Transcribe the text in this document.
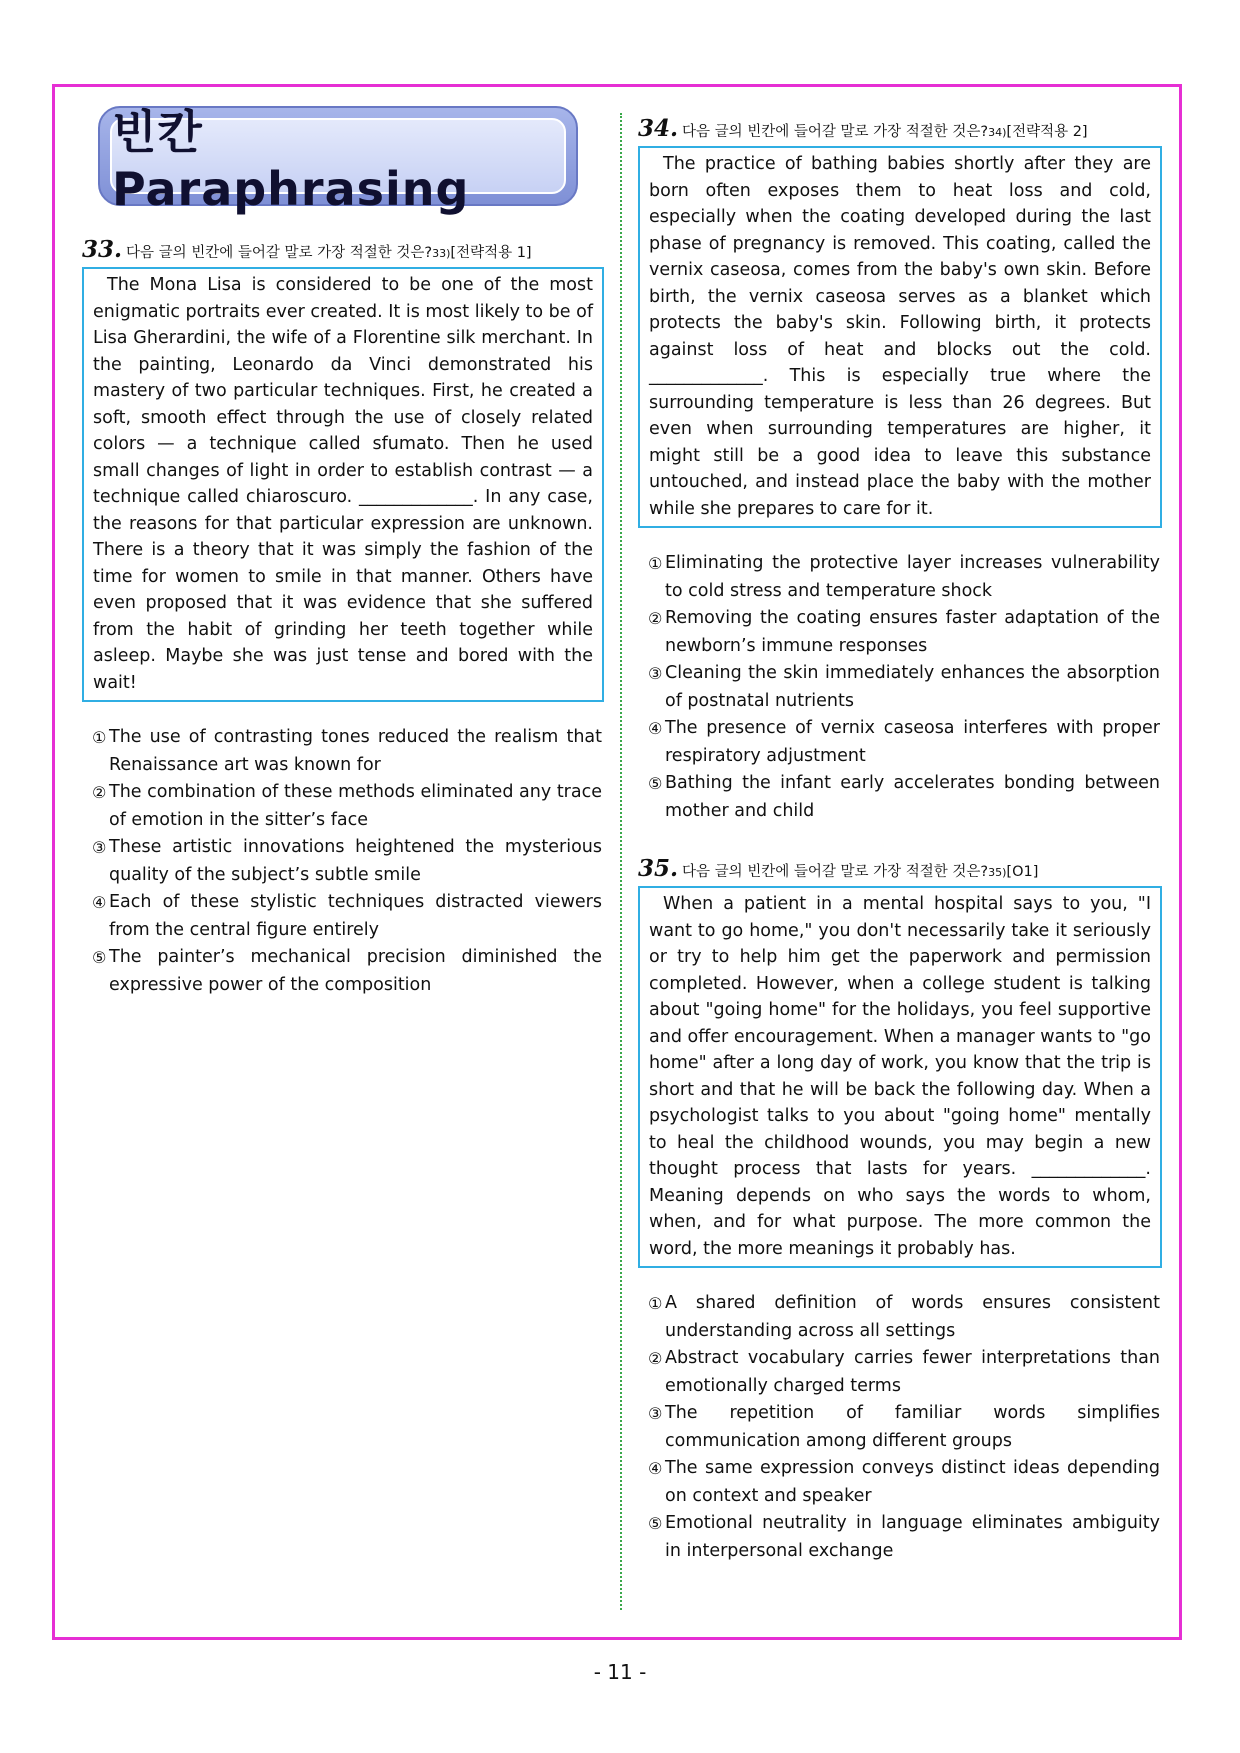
빈칸 Paraphrasing
33. 다음 글의 빈칸에 들어갈 말로 가장 적절한 것은? 33) [전략적용 1]
The Mona Lisa is considered to be one of the most enigmatic portraits ever created. It is most likely to be of Lisa Gherardini, the wife of a Florentine silk merchant. In the painting, Leonardo da Vinci demonstrated his mastery of two particular techniques. First, he created a soft, smooth effect through the use of closely related colors — a technique called sfumato. Then he used small changes of light in order to establish contrast — a technique called chiaroscuro. _____________. In any case, the reasons for that particular expression are unknown. There is a theory that it was simply the fashion of the time for women to smile in that manner. Others have even proposed that it was evidence that she suffered from the habit of grinding her teeth together while asleep. Maybe she was just tense and bored with the wait!
① The use of contrasting tones reduced the realism that Renaissance art was known for
② The combination of these methods eliminated any trace of emotion in the sitter’s face
③ These artistic innovations heightened the mysterious quality of the subject’s subtle smile
④ Each of these stylistic techniques distracted viewers from the central figure entirely
⑤ The painter’s mechanical precision diminished the expressive power of the composition
34. 다음 글의 빈칸에 들어갈 말로 가장 적절한 것은? 34) [전략적용 2]
The practice of bathing babies shortly after they are born often exposes them to heat loss and cold, especially when the coating developed during the last phase of pregnancy is removed. This coating, called the vernix caseosa, comes from the baby's own skin. Before birth, the vernix caseosa serves as a blanket which protects the baby's skin. Following birth, it protects against loss of heat and blocks out the cold. _____________. This is especially true where the surrounding temperature is less than 26 degrees. But even when surrounding temperatures are higher, it might still be a good idea to leave this substance untouched, and instead place the baby with the mother while she prepares to care for it.
① Eliminating the protective layer increases vulnerability to cold stress and temperature shock
② Removing the coating ensures faster adaptation of the newborn’s immune responses
③ Cleaning the skin immediately enhances the absorption of postnatal nutrients
④ The presence of vernix caseosa interferes with proper respiratory adjustment
⑤ Bathing the infant early accelerates bonding between mother and child
35. 다음 글의 빈칸에 들어갈 말로 가장 적절한 것은? 35) [O1]
When a patient in a mental hospital says to you, "I want to go home," you don't necessarily take it seriously or try to help him get the paperwork and permission completed. However, when a college student is talking about "going home" for the holidays, you feel supportive and offer encouragement. When a manager wants to "go home" after a long day of work, you know that the trip is short and that he will be back the following day. When a psychologist talks to you about "going home" mentally to heal the childhood wounds, you may begin a new thought process that lasts for years. _____________. Meaning depends on who says the words to whom, when, and for what purpose. The more common the word, the more meanings it probably has.
① A shared definition of words ensures consistent understanding across all settings
② Abstract vocabulary carries fewer interpretations than emotionally charged terms
③ The repetition of familiar words simplifies communication among different groups
④ The same expression conveys distinct ideas depending on context and speaker
⑤ Emotional neutrality in language eliminates ambiguity in interpersonal exchange
- 11 -
